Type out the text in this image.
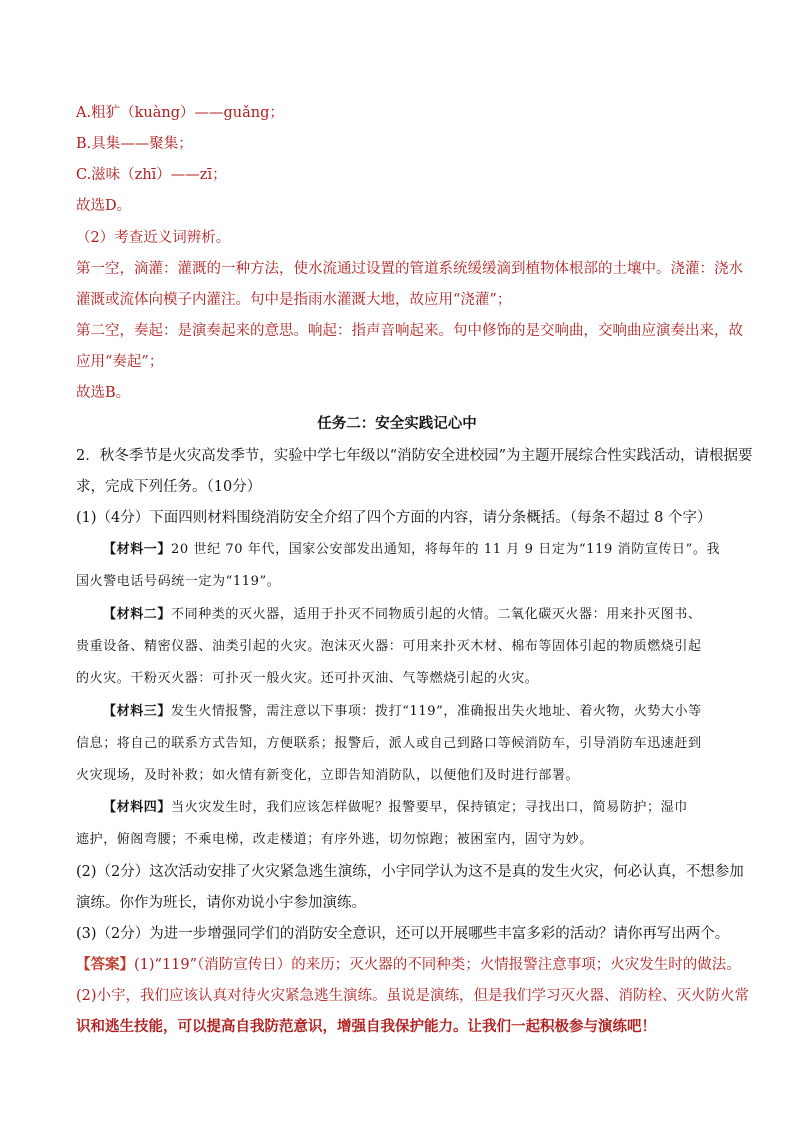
A.粗犷（kuàng）——guǎng；
B.具集——聚集；
C.滋味（zhī）——zī；
故选D。
（2）考查近义词辨析。
第一空，滴灌：灌溉的一种方法，使水流通过设置的管道系统缓缓滴到植物体根部的土壤中。浇灌：浇水
灌溉或流体向模子内灌注。句中是指雨水灌溉大地，故应用“浇灌”；
第二空，奏起：是演奏起来的意思。响起：指声音响起来。句中修饰的是交响曲，交响曲应演奏出来，故
应用“奏起”；
故选B。
任务二：安全实践记心中
2．秋冬季节是火灾高发季节，实验中学七年级以“消防安全进校园”为主题开展综合性实践活动，请根据要
求，完成下列任务。（10分）
(1)（4分）下面四则材料围绕消防安全介绍了四个方面的内容，请分条概括。（每条不超过 8 个字）
【材料一】20 世纪 70 年代，国家公安部发出通知，将每年的 11 月 9 日定为“119 消防宣传日”。我
国火警电话号码统一定为“119”。
【材料二】不同种类的灭火器，适用于扑灭不同物质引起的火情。二氧化碳灭火器：用来扑灭图书、
贵重设备、精密仪器、油类引起的火灾。泡沫灭火器：可用来扑灭木材、棉布等固体引起的物质燃烧引起
的火灾。干粉灭火器：可扑灭一般火灾。还可扑灭油、气等燃烧引起的火灾。
【材料三】发生火情报警，需注意以下事项：拨打“119”，准确报出失火地址、着火物，火势大小等
信息；将自己的联系方式告知，方便联系；报警后，派人或自己到路口等候消防车，引导消防车迅速赶到
火灾现场，及时补救；如火情有新变化，立即告知消防队，以便他们及时进行部署。
【材料四】当火灾发生时，我们应该怎样做呢？报警要早，保持镇定；寻找出口，简易防护；湿巾
遮护，俯阁弯腰；不乘电梯，改走楼道；有序外逃，切勿惊跑；被困室内，固守为妙。
(2)（2分）这次活动安排了火灾紧急逃生演练，小宇同学认为这不是真的发生火灾，何必认真，不想参加
演练。你作为班长，请你劝说小宇参加演练。
(3)（2分）为进一步增强同学们的消防安全意识，还可以开展哪些丰富多彩的活动？请你再写出两个。
【答案】(1)“119”（消防宣传日）的来历；灭火器的不同种类；火情报警注意事项；火灾发生时的做法。
(2)小宇，我们应该认真对待火灾紧急逃生演练。虽说是演练，但是我们学习灭火器、消防栓、灭火防火常
识和逃生技能，可以提高自我防范意识，增强自我保护能力。让我们一起积极参与演练吧！
